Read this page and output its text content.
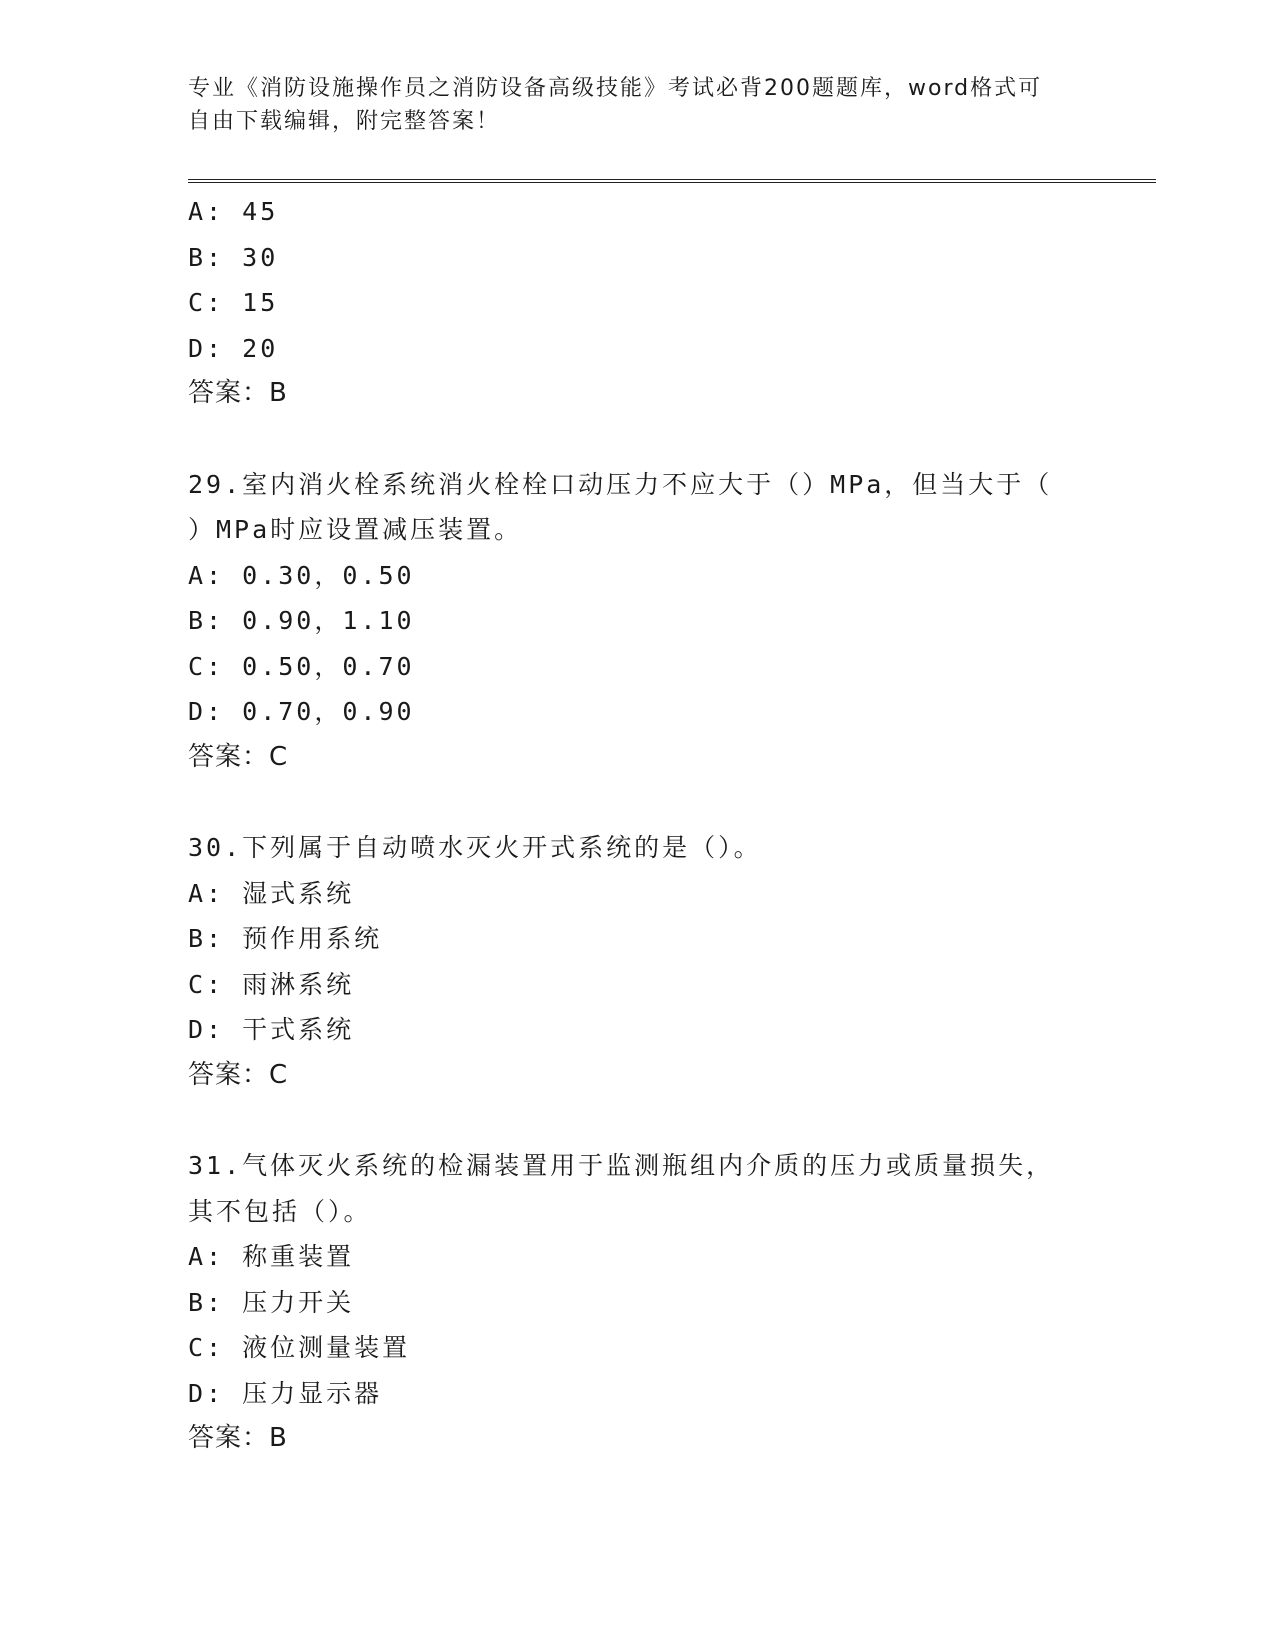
专业《消防设施操作员之消防设备高级技能》考试必背200题题库，word格式可
自由下载编辑，附完整答案！
A: 45
B: 30
C: 15
D: 20
答案：B
29.室内消火栓系统消火栓栓口动压力不应大于（）MPa，但当大于（
）MPa时应设置减压装置。
A: 0.30，0.50
B: 0.90，1.10
C: 0.50，0.70
D: 0.70，0.90
答案：C
30.下列属于自动喷水灭火开式系统的是（）。
A: 湿式系统
B: 预作用系统
C: 雨淋系统
D: 干式系统
答案：C
31.气体灭火系统的检漏装置用于监测瓶组内介质的压力或质量损失，
其不包括（）。
A: 称重装置
B: 压力开关
C: 液位测量装置
D: 压力显示器
答案：B
